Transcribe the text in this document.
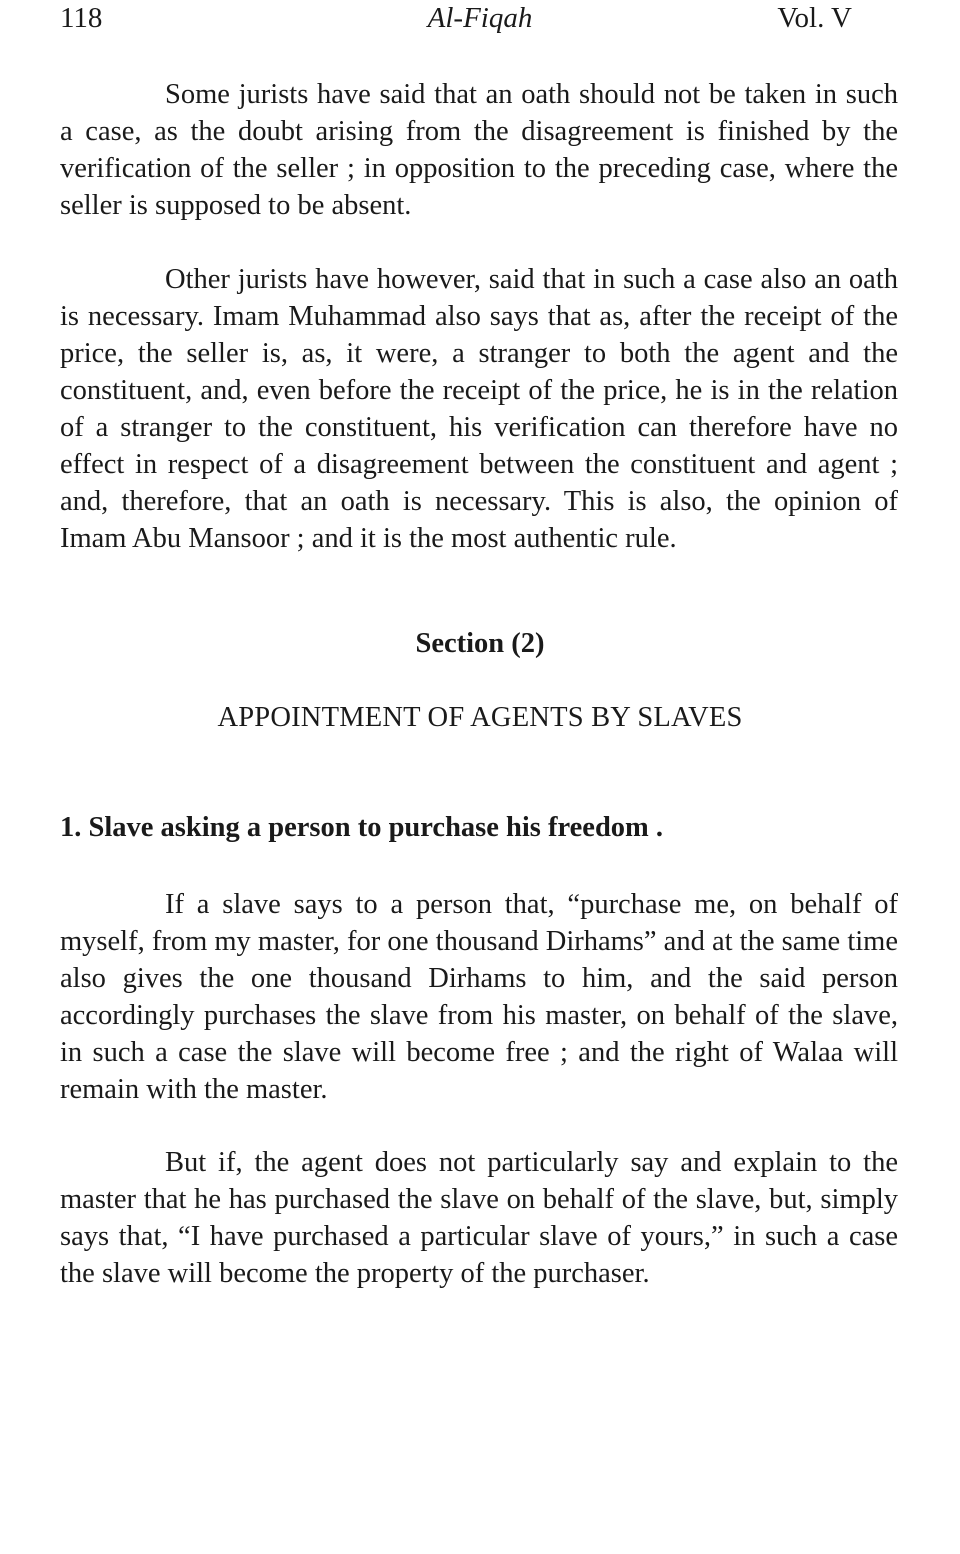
Al-Fiqah
118	Vol. V

Some jurists have said that an oath should not be taken in such a case, as the doubt arising from the disagreement is finished by the verification of the seller ; in opposition to the preceding case, where the seller is supposed to be absent.

Other jurists have however, said that in such a case also an oath is necessary. Imam Muhammad also says that as, after the receipt of the price, the seller is, as, it were, a stranger to both the agent and the constituent, and, even before the receipt of the price, he is in the relation of a stranger to the constituent, his verification can therefore have no effect in respect of a disagreement between the constituent and agent ; and, therefore, that an oath is necessary. This is also, the opinion of Imam Abu Mansoor ; and it is the most authentic rule.

Section (2)
APPOINTMENT OF AGENTS BY SLAVES
1. Slave asking a person to purchase his freedom .

If a slave says to a person that, “purchase me, on behalf of myself, from my master, for one thousand Dirhams” and at the same time also gives the one thousand Dirhams to him, and the said person accordingly purchases the slave from his master, on behalf of the slave, in such a case the slave will become free ; and the right of Walaa will remain with the master.

But if, the agent does not particularly say and explain to the master that he has purchased the slave on behalf of the slave, but, simply says that, “I have purchased a particular slave of yours,” in such a case the slave will become the property of the purchaser.
